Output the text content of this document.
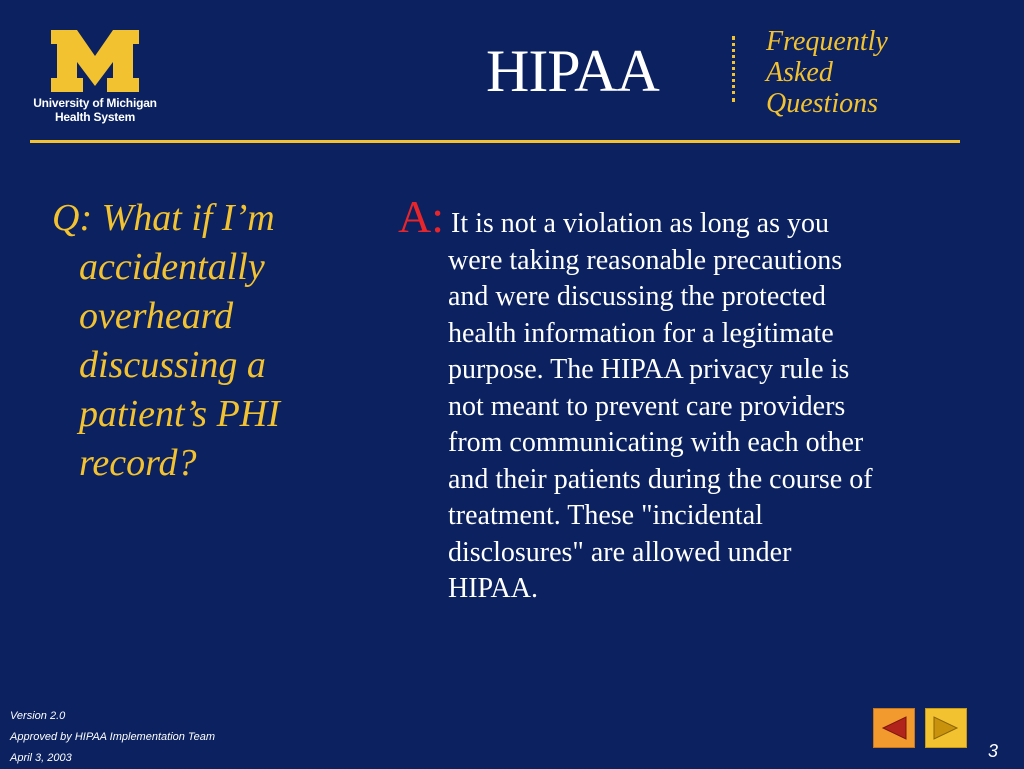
University of Michigan
Health System
HIPAA	Frequently
Asked
Questions
Q: What if I’m
accidentally
overheard
discussing a
patient’s PHI
record?
A: It is not a violation as long as you
were taking reasonable precautions
and were discussing the protected
health information for a legitimate
purpose. The HIPAA privacy rule is
not meant to prevent care providers
from communicating with each other
and their patients during the course of
treatment. These "incidental
disclosures" are allowed under
HIPAA.
Version 2.0
Approved by HIPAA Implementation Team
April 3, 2003	3
